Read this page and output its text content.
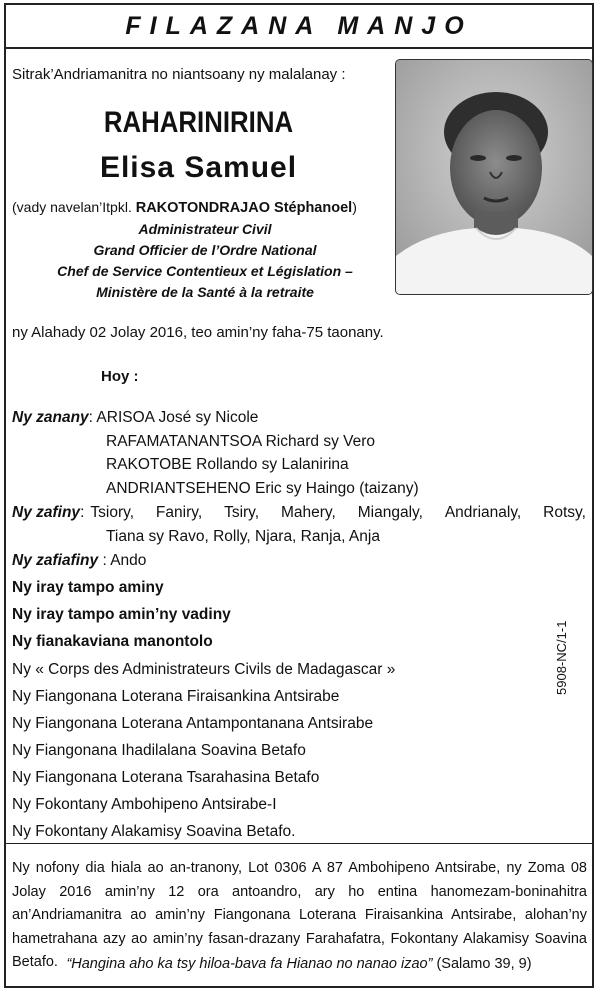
FILAZANA MANJO
Sitrak’Andriamanitra no niantsoany ny malalanay :
RAHARINIRINA
Elisa Samuel
(vady navelan’Itpkl. RAKOTONDRAJAO Stéphanoel)
Administrateur Civil
Grand Officier de l’Ordre National
Chef de Service Contentieux et Législation –
Ministère de la Santé à la retraite
ny Alahady 02 Jolay 2016, teo amin’ny faha-75 taonany.
Hoy :
Ny zanany: ARISOA José sy Nicole
RAFAMATANANTSOA Richard sy Vero
RAKOTOBE Rollando sy Lalanirina
ANDRIANTSEHENO Eric sy Haingo (taizany)
Ny zafiny : Tsiory, Faniry, Tsiry, Mahery, Miangaly, Andrianaly, Rotsy,
Tiana sy Ravo, Rolly, Njara, Ranja, Anja
Ny zafiafiny : Ando
Ny iray tampo aminy
Ny iray tampo amin’ny vadiny
Ny fianakaviana manontolo
Ny « Corps des Administrateurs Civils de Madagascar »
Ny Fiangonana Loterana Firaisankina Antsirabe
Ny Fiangonana Loterana Antampontanana Antsirabe
Ny Fiangonana Ihadilalana Soavina Betafo
Ny Fiangonana Loterana Tsarahasina Betafo
Ny Fokontany Ambohipeno Antsirabe-I
Ny Fokontany Alakamisy Soavina Betafo.
5908-NC/1-1
Ny nofony dia hiala ao an-tranony, Lot 0306 A 87 Ambohipeno Antsirabe, ny Zoma 08 Jolay 2016 amin’ny 12 ora antoandro, ary ho entina hanomezam-boninahitra an’Andriamanitra ao amin’ny Fiangonana Loterana Firaisankina Antsirabe, alohan’ny hametrahana azy ao amin’ny fasan-drazany Farahafatra, Fokontany Alakamisy Soavina Betafo. “Hangina aho ka tsy hiloa-bava fa Hianao no nanao izao” (Salamo 39, 9)
